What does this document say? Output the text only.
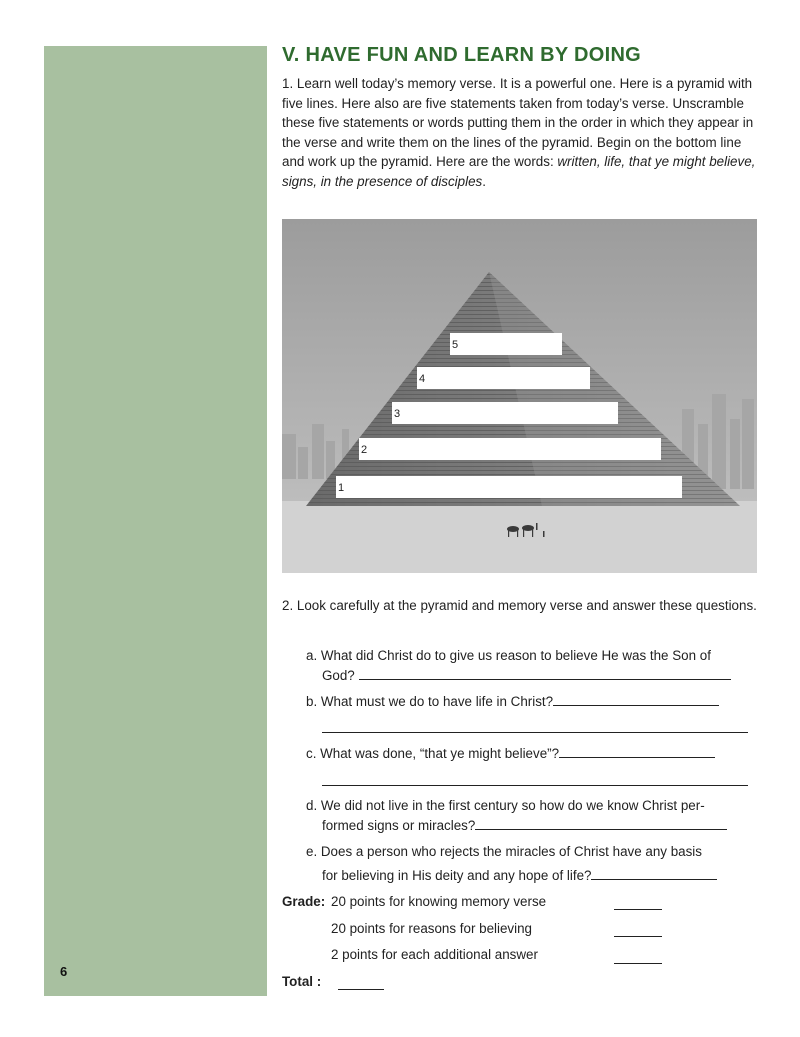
6
V. HAVE FUN AND LEARN BY DOING

1. Learn well today’s memory verse. It is a powerful one. Here is a pyramid with five lines. Here also are five statements taken from today’s verse. Unscramble these five statements or words putting them in the order in which they appear in the verse and write them on the lines of the pyramid. Begin on the bottom line and work up the pyramid. Here are the words: written, life, that ye might believe, signs, in the presence of disciples.

5
4
3
2
1

2. Look carefully at the pyramid and memory verse and answer these questions.

a. What did Christ do to give us reason to believe He was the Son of
God?
b. What must we do to have life in Christ?
c. What was done, “that ye might believe”?
d. We did not live in the first century so how do we know Christ per-
formed signs or miracles?
e. Does a person who rejects the miracles of Christ have any basis
for believing in His deity and any hope of life?
Grade: 20 points for knowing memory verse
20 points for reasons for believing
2 points for each additional answer
Total :
